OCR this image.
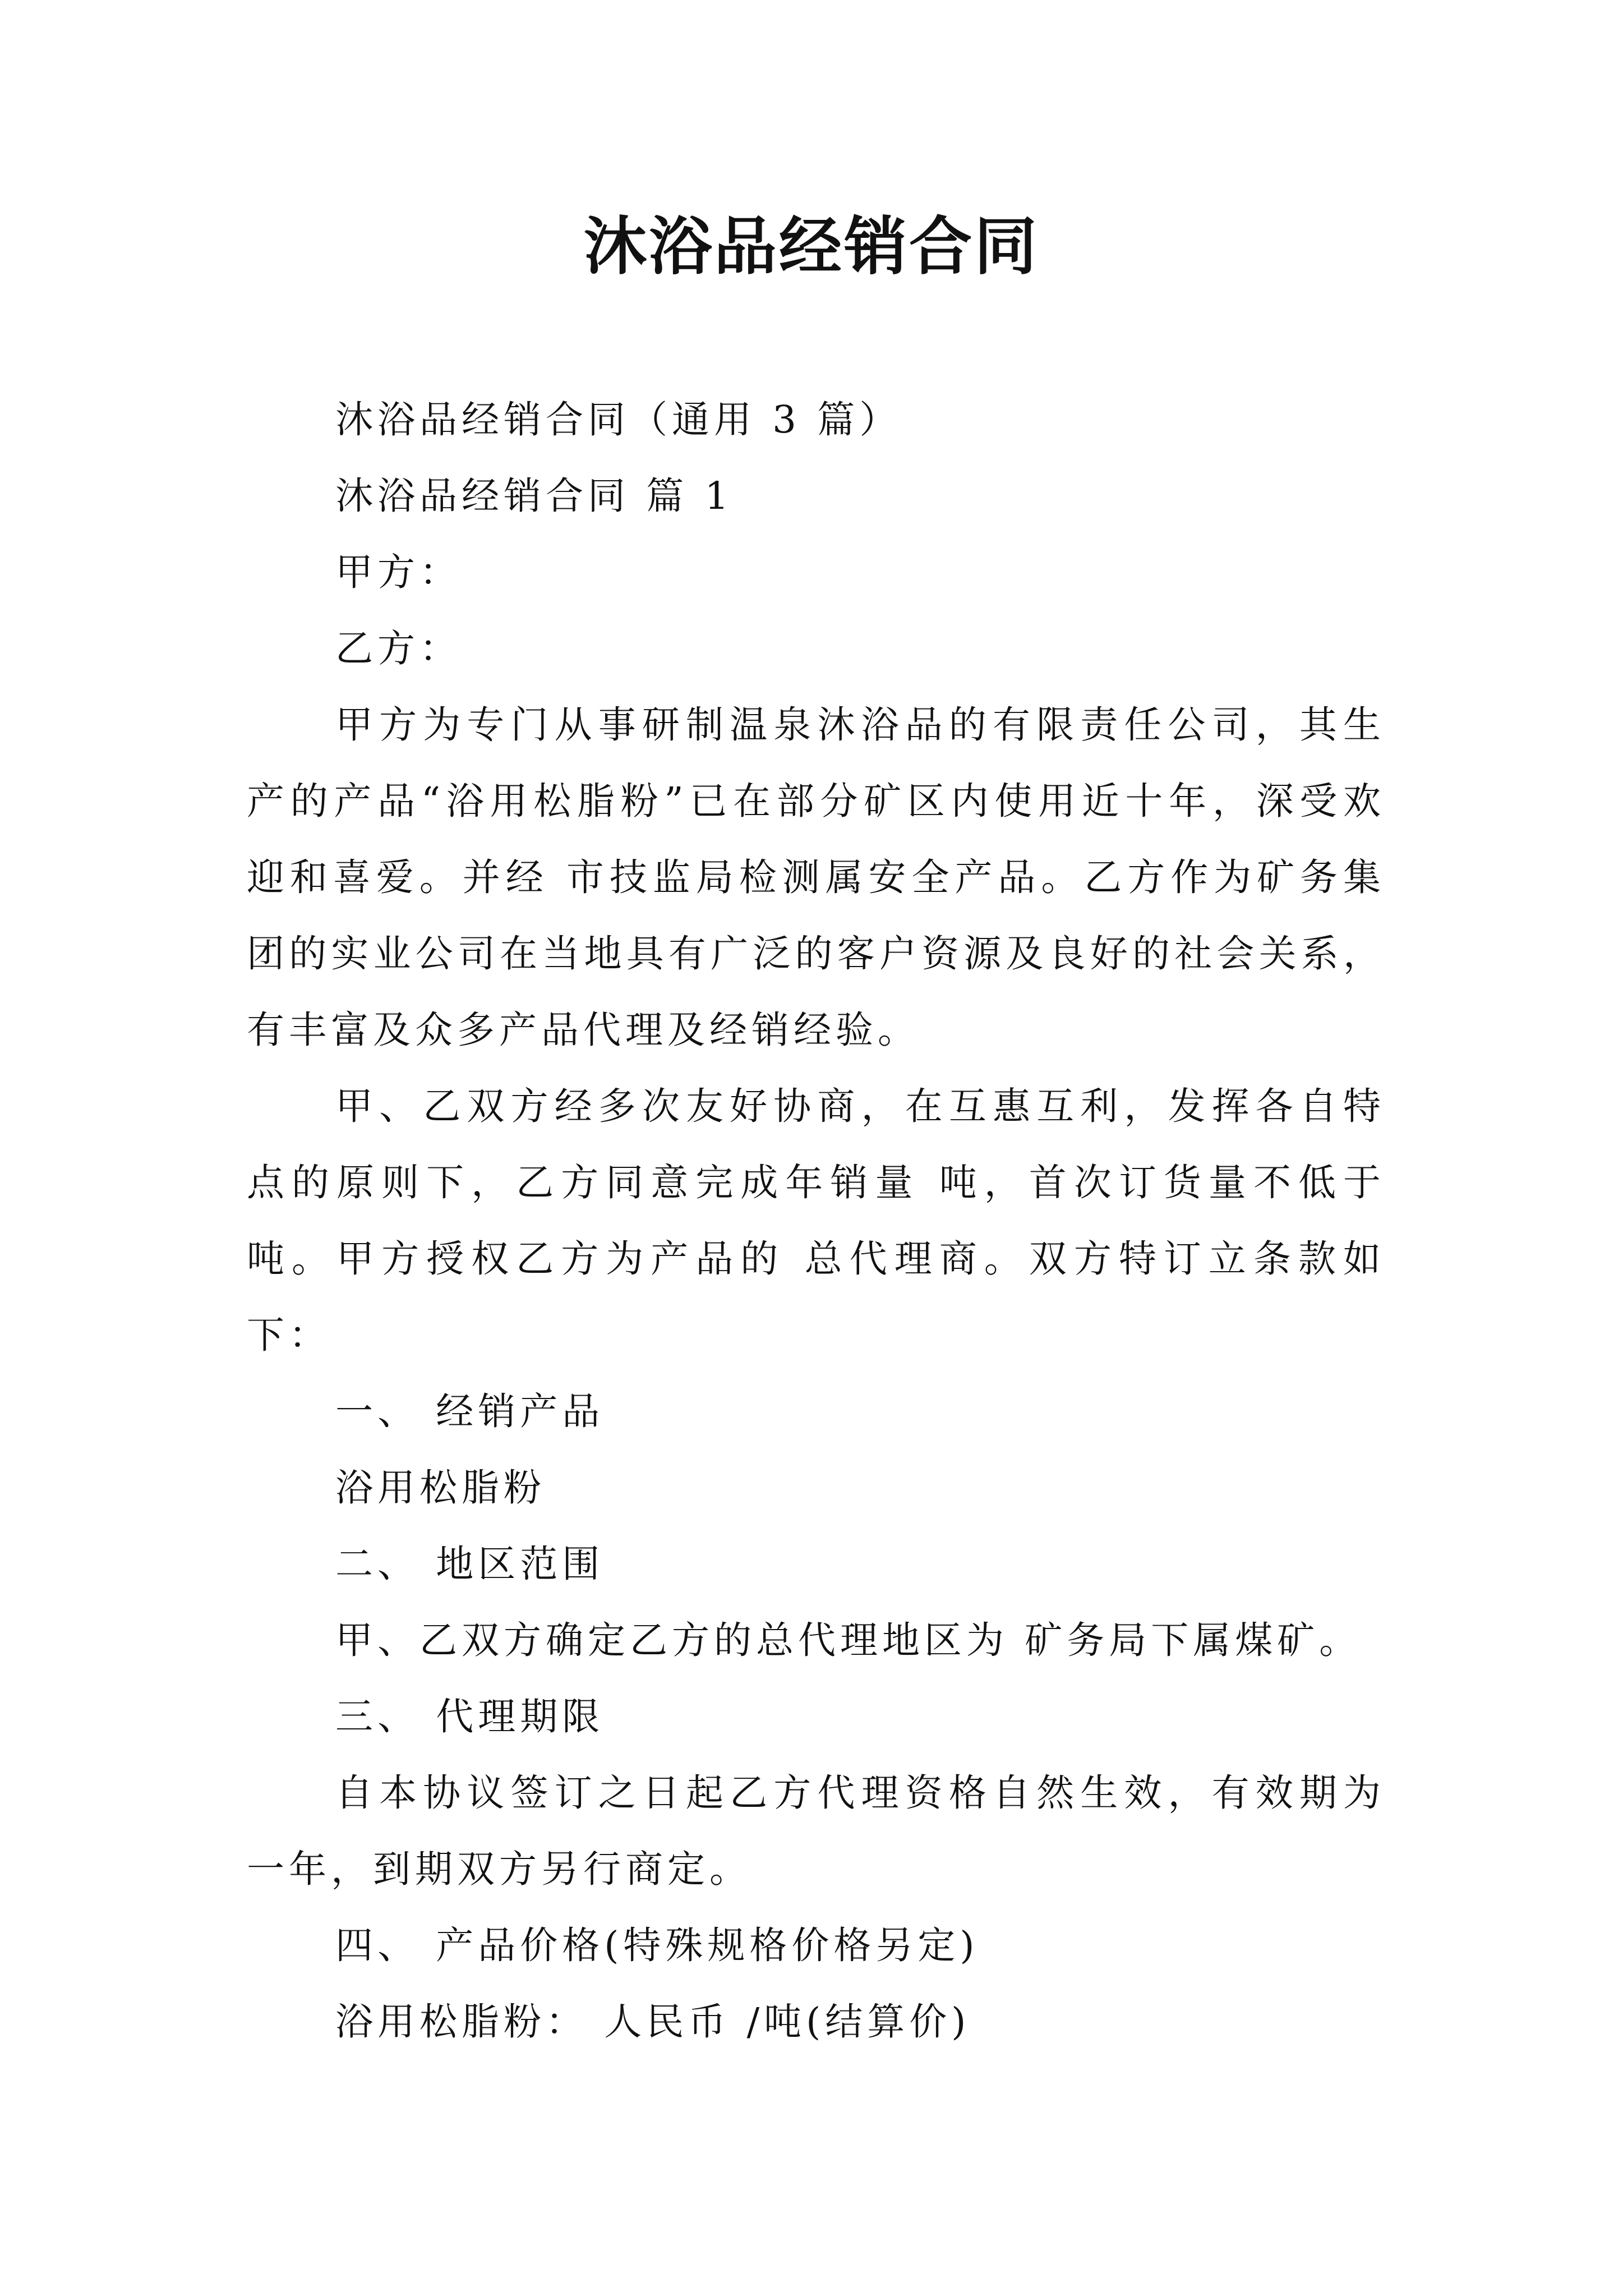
沐浴品经销合同

沐浴品经销合同（通用 3 篇）

沐浴品经销合同 篇 1

甲方：

乙方：

甲方为专门从事研制温泉沐浴品的有限责任公司，其生产的产品“浴用松脂粉”已在部分矿区内使用近十年，深受欢迎和喜爱。并经 市技监局检测属安全产品。乙方作为矿务集团的实业公司在当地具有广泛的客户资源及良好的社会关系，有丰富及众多产品代理及经销经验。

甲、乙双方经多次友好协商，在互惠互利，发挥各自特点的原则下，乙方同意完成年销量 吨，首次订货量不低于 吨。甲方授权乙方为产品的 总代理商。双方特订立条款如下：

一、 经销产品

浴用松脂粉

二、 地区范围

甲、乙双方确定乙方的总代理地区为 矿务局下属煤矿。

三、 代理期限

自本协议签订之日起乙方代理资格自然生效，有效期为一年，到期双方另行商定。

四、 产品价格(特殊规格价格另定)

浴用松脂粉： 人民币 /吨(结算价)
